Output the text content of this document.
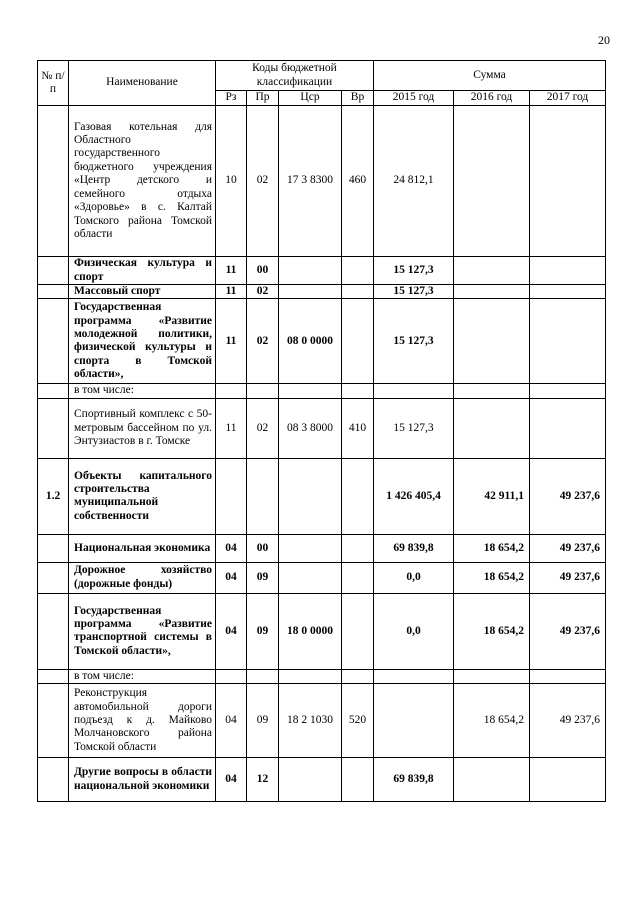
20
№ п/п	Наименование	Коды бюджетной классификации				Сумма		
		Рз	Пр	Цср	Вр	2015 год	2016 год	2017 год
	Газовая котельная для Областного государственного бюджетного учреждения «Центр детского и семейного отдыха «Здоровье» в с. Калтай Томского района Томской области	10	02	17 3 8300	460	24 812,1		
	Физическая культура и спорт	11	00			15 127,3		
	Массовый спорт	11	02			15 127,3		
	Государственная программа «Развитие молодежной политики, физической культуры и спорта в Томской области»,	11	02	08 0 0000		15 127,3		
	в том числе:							
	Спортивный комплекс с 50-метровым бассейном по ул. Энтузиастов в г. Томске	11	02	08 3 8000	410	15 127,3		
1.2	Объекты капитального строительства муниципальной собственности					1 426 405,4	42 911,1	49 237,6
	Национальная экономика	04	00			69 839,8	18 654,2	49 237,6
	Дорожное хозяйство (дорожные фонды)	04	09			0,0	18 654,2	49 237,6
	Государственная программа «Развитие транспортной системы в Томской области»,	04	09	18 0 0000		0,0	18 654,2	49 237,6
	в том числе:							
	Реконструкция автомобильной дороги подъезд к д. Майково Молчановского района Томской области	04	09	18 2 1030	520		18 654,2	49 237,6
	Другие вопросы в области национальной экономики	04	12			69 839,8		
